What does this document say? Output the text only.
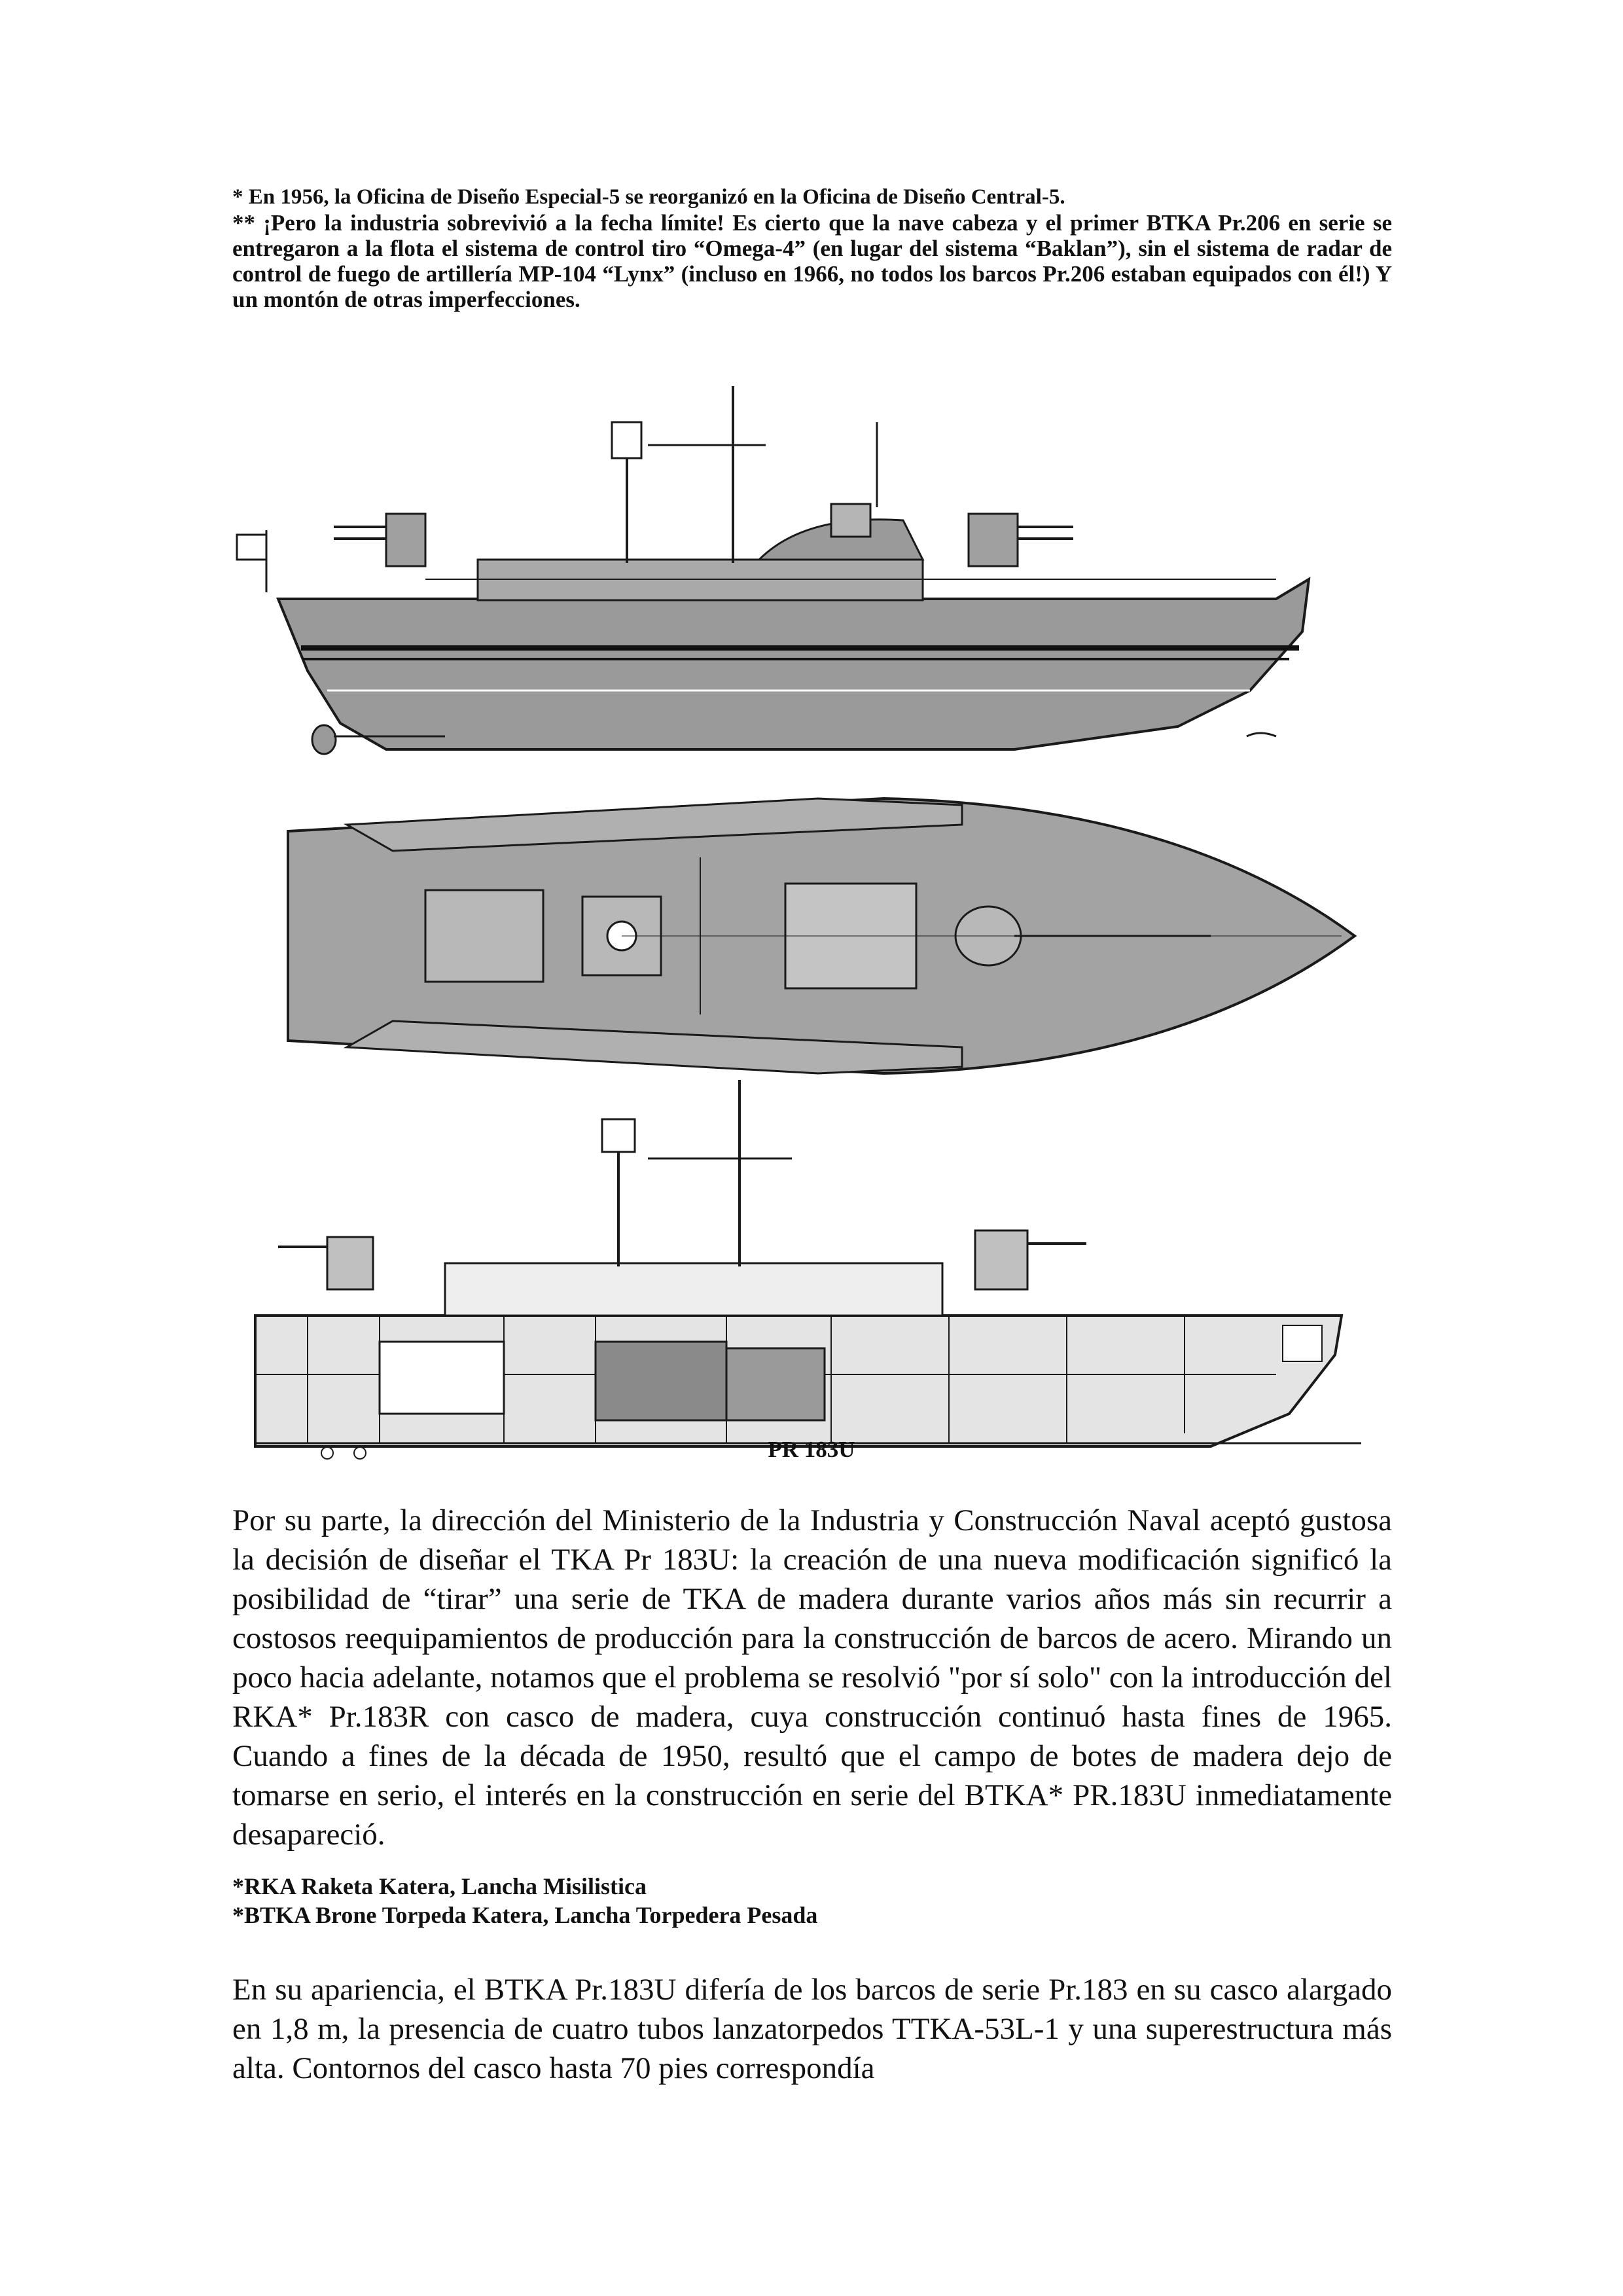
* En 1956, la Oficina de Diseño Especial-5 se reorganizó en la Oficina de Diseño Central-5.

** ¡Pero la industria sobrevivió a la fecha límite! Es cierto que la nave cabeza y el primer BTKA Pr.206 en serie se entregaron a la flota el sistema de control tiro “Omega-4” (en lugar del sistema “Baklan”), sin el sistema de radar de control de fuego de artillería MP-104 “Lynx” (incluso en 1966, no todos los barcos Pr.206 estaban equipados con él!) Y un montón de otras imperfecciones.

PR 183U

Por su parte, la dirección del Ministerio de la Industria y Construcción Naval aceptó gustosa la decisión de diseñar el TKA Pr 183U: la creación de una nueva modificación significó la posibilidad de “tirar” una serie de TKA de madera durante varios años más sin recurrir a costosos reequipamientos de producción para la construcción de barcos de acero. Mirando un poco hacia adelante, notamos que el problema se resolvió "por sí solo" con la introducción del RKA* Pr.183R con casco de madera, cuya construcción continuó hasta fines de 1965. Cuando a fines de la década de 1950, resultó que el campo de botes de madera dejo de tomarse en serio, el interés en la construcción en serie del BTKA* PR.183U inmediatamente desapareció.

*RKA Raketa Katera, Lancha Misilistica

*BTKA Brone Torpeda Katera, Lancha Torpedera Pesada

En su apariencia, el BTKA Pr.183U difería de los barcos de serie Pr.183 en su casco alargado en 1,8 m, la presencia de cuatro tubos lanzatorpedos TTKA-53L-1 y una superestructura más alta. Contornos del casco hasta 70 pies correspondía
